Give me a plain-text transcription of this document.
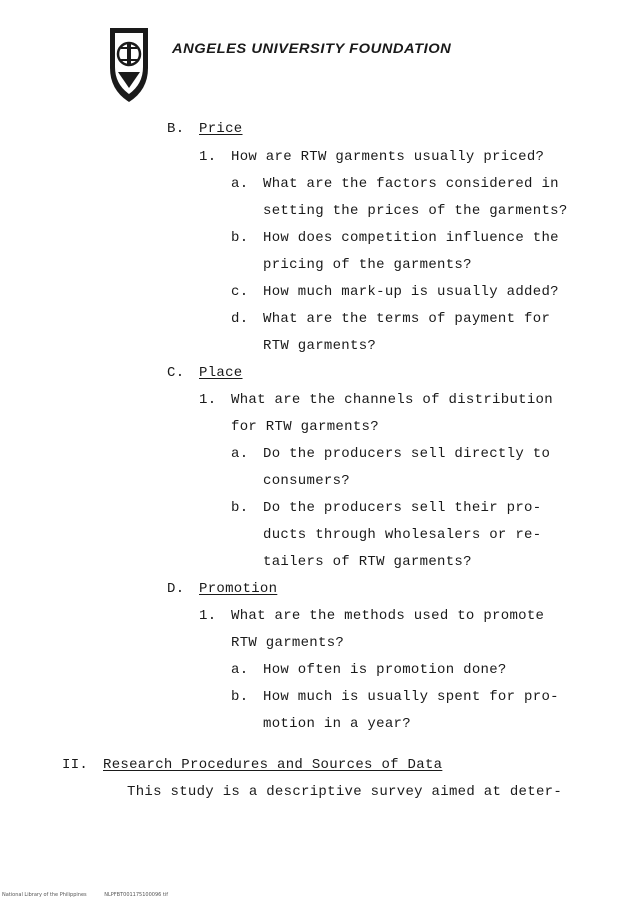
ANGELES UNIVERSITY FOUNDATION
B. Price
1. How are RTW garments usually priced?
a. What are the factors considered in
setting the prices of the garments?
b. How does competition influence the
pricing of the garments?
c. How much mark-up is usually added?
d. What are the terms of payment for
RTW garments?
C. Place
1. What are the channels of distribution
for RTW garments?
a. Do the producers sell directly to
consumers?
b. Do the producers sell their pro-
ducts through wholesalers or re-
tailers of RTW garments?
D. Promotion
1. What are the methods used to promote
RTW garments?
a. How often is promotion done?
b. How much is usually spent for pro-
motion in a year?
II. Research Procedures and Sources of Data
This study is a descriptive survey aimed at deter-
National Library of the Philippines	NLPFBT001175100096 tif
